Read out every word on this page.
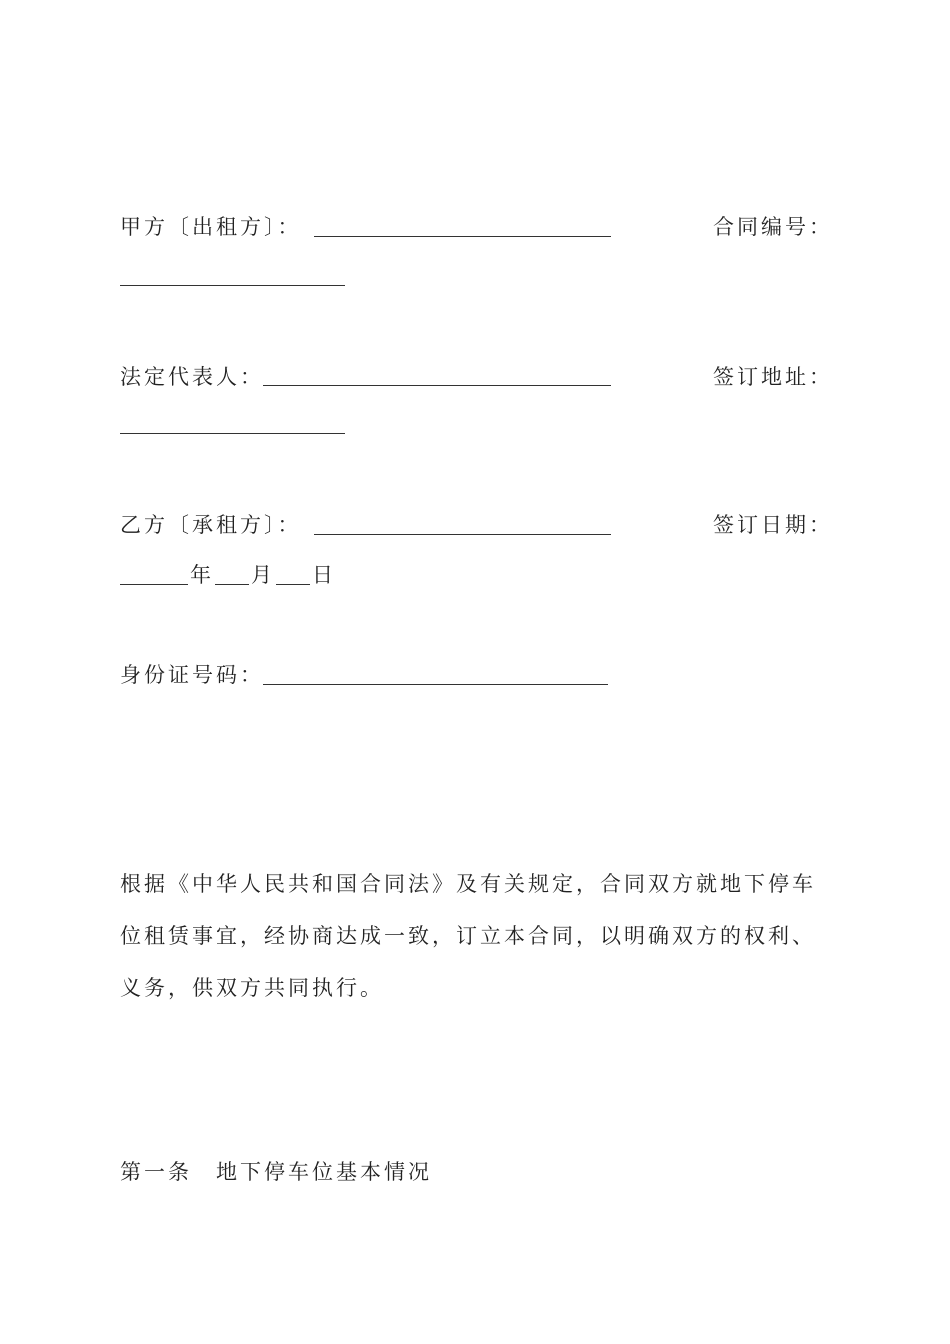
甲方〔出租方〕：	合同编号：
法定代表人：	签订地址：
乙方〔承租方〕：	签订日期：
年 月 日
身份证号码：

根据《中华人民共和国合同法》及有关规定，合同双方就地下停车

位租赁事宜，经协商达成一致，订立本合同，以明确双方的权利、

义务，供双方共同执行。

第一条 地下停车位基本情况
